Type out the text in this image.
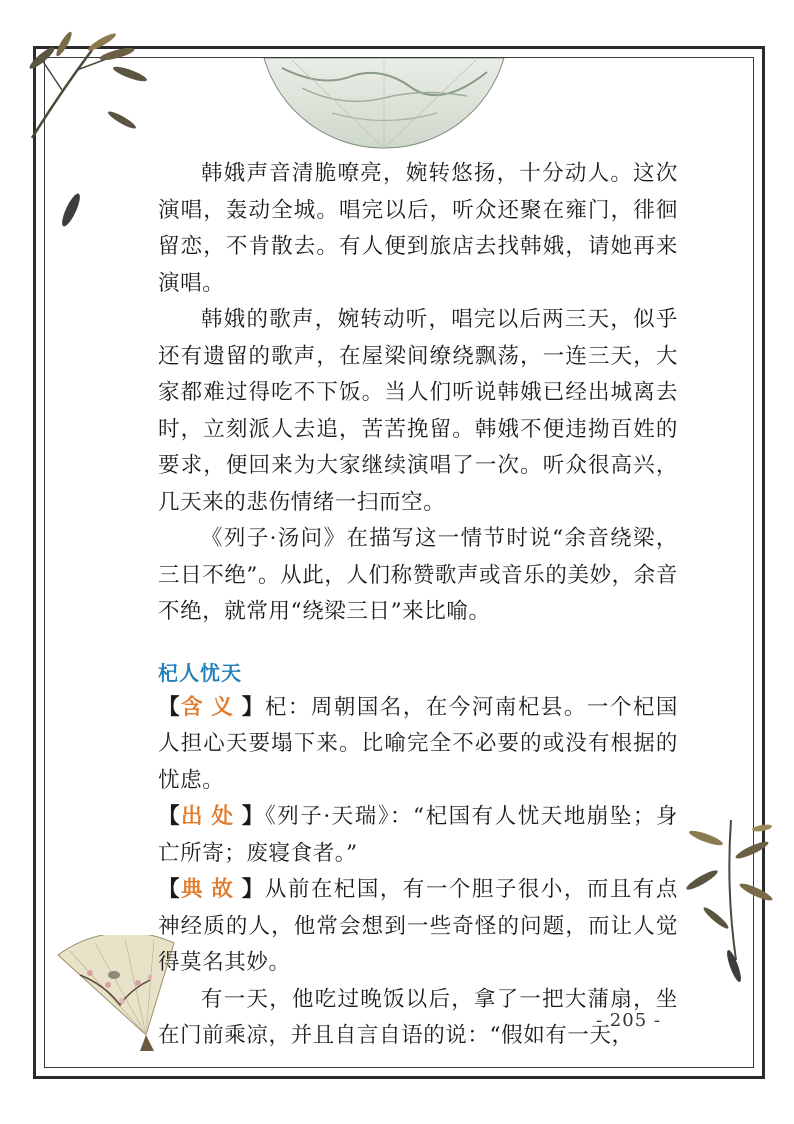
韩娥声音清脆嘹亮，婉转悠扬，十分动人。这次演唱，轰动全城。唱完以后，听众还聚在雍门，徘徊留恋，不肯散去。有人便到旅店去找韩娥，请她再来演唱。

韩娥的歌声，婉转动听，唱完以后两三天，似乎还有遗留的歌声，在屋梁间缭绕飘荡，一连三天，大家都难过得吃不下饭。当人们听说韩娥已经出城离去时，立刻派人去追，苦苦挽留。韩娥不便违拗百姓的要求，便回来为大家继续演唱了一次。听众很高兴，几天来的悲伤情绪一扫而空。

《列子·汤问》在描写这一情节时说“余音绕梁，三日不绝”。从此，人们称赞歌声或音乐的美妙，余音不绝，就常用“绕梁三日”来比喻。

杞人忧天

【含义】杞：周朝国名，在今河南杞县。一个杞国人担心天要塌下来。比喻完全不必要的或没有根据的忧虑。

【出处】《列子·天瑞》：“杞国有人忧天地崩坠；身亡所寄；废寝食者。”

【典故】从前在杞国，有一个胆子很小，而且有点神经质的人，他常会想到一些奇怪的问题，而让人觉得莫名其妙。

有一天，他吃过晚饭以后，拿了一把大蒲扇，坐在门前乘凉，并且自言自语的说：“假如有一天，

- 205 -
